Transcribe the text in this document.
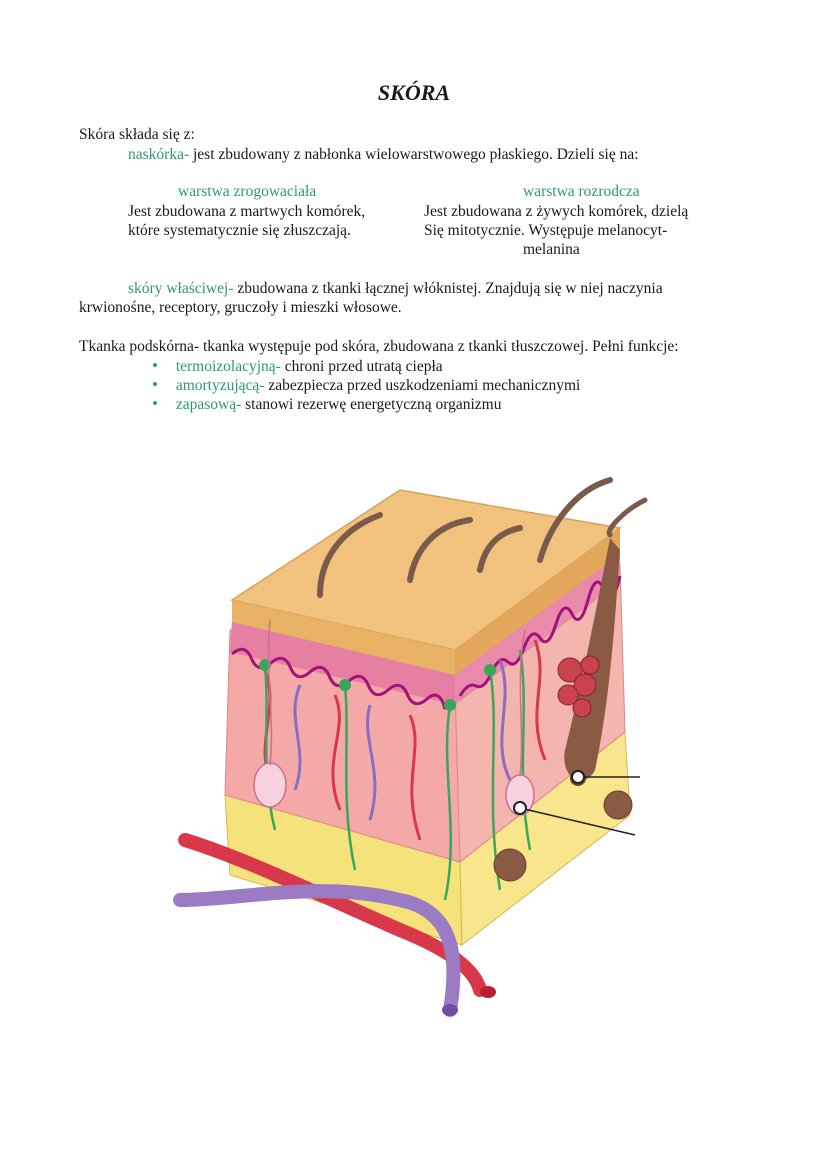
SKÓRA
Skóra składa się z:
naskórka- jest zbudowany z nabłonka wielowarstwowego płaskiego. Dzieli się na:
warstwa zrogowaciała
Jest zbudowana z martwych komórek,
które systematycznie się złuszczają.
warstwa rozrodcza
Jest zbudowana z żywych komórek, dzielą
Się mitotycznie. Występuje melanocyt-
melanina
skóry właściwej- zbudowana z tkanki łącznej włóknistej. Znajdują się w niej naczynia
krwionośne, receptory, gruczoły i mieszki włosowe.
Tkanka podskórna- tkanka występuje pod skóra, zbudowana z tkanki tłuszczowej. Pełni funkcje:
• termoizolacyjną- chroni przed utratą ciepła
• amortyzującą- zabezpiecza przed uszkodzeniami mechanicznymi
• zapasową- stanowi rezerwę energetyczną organizmu
